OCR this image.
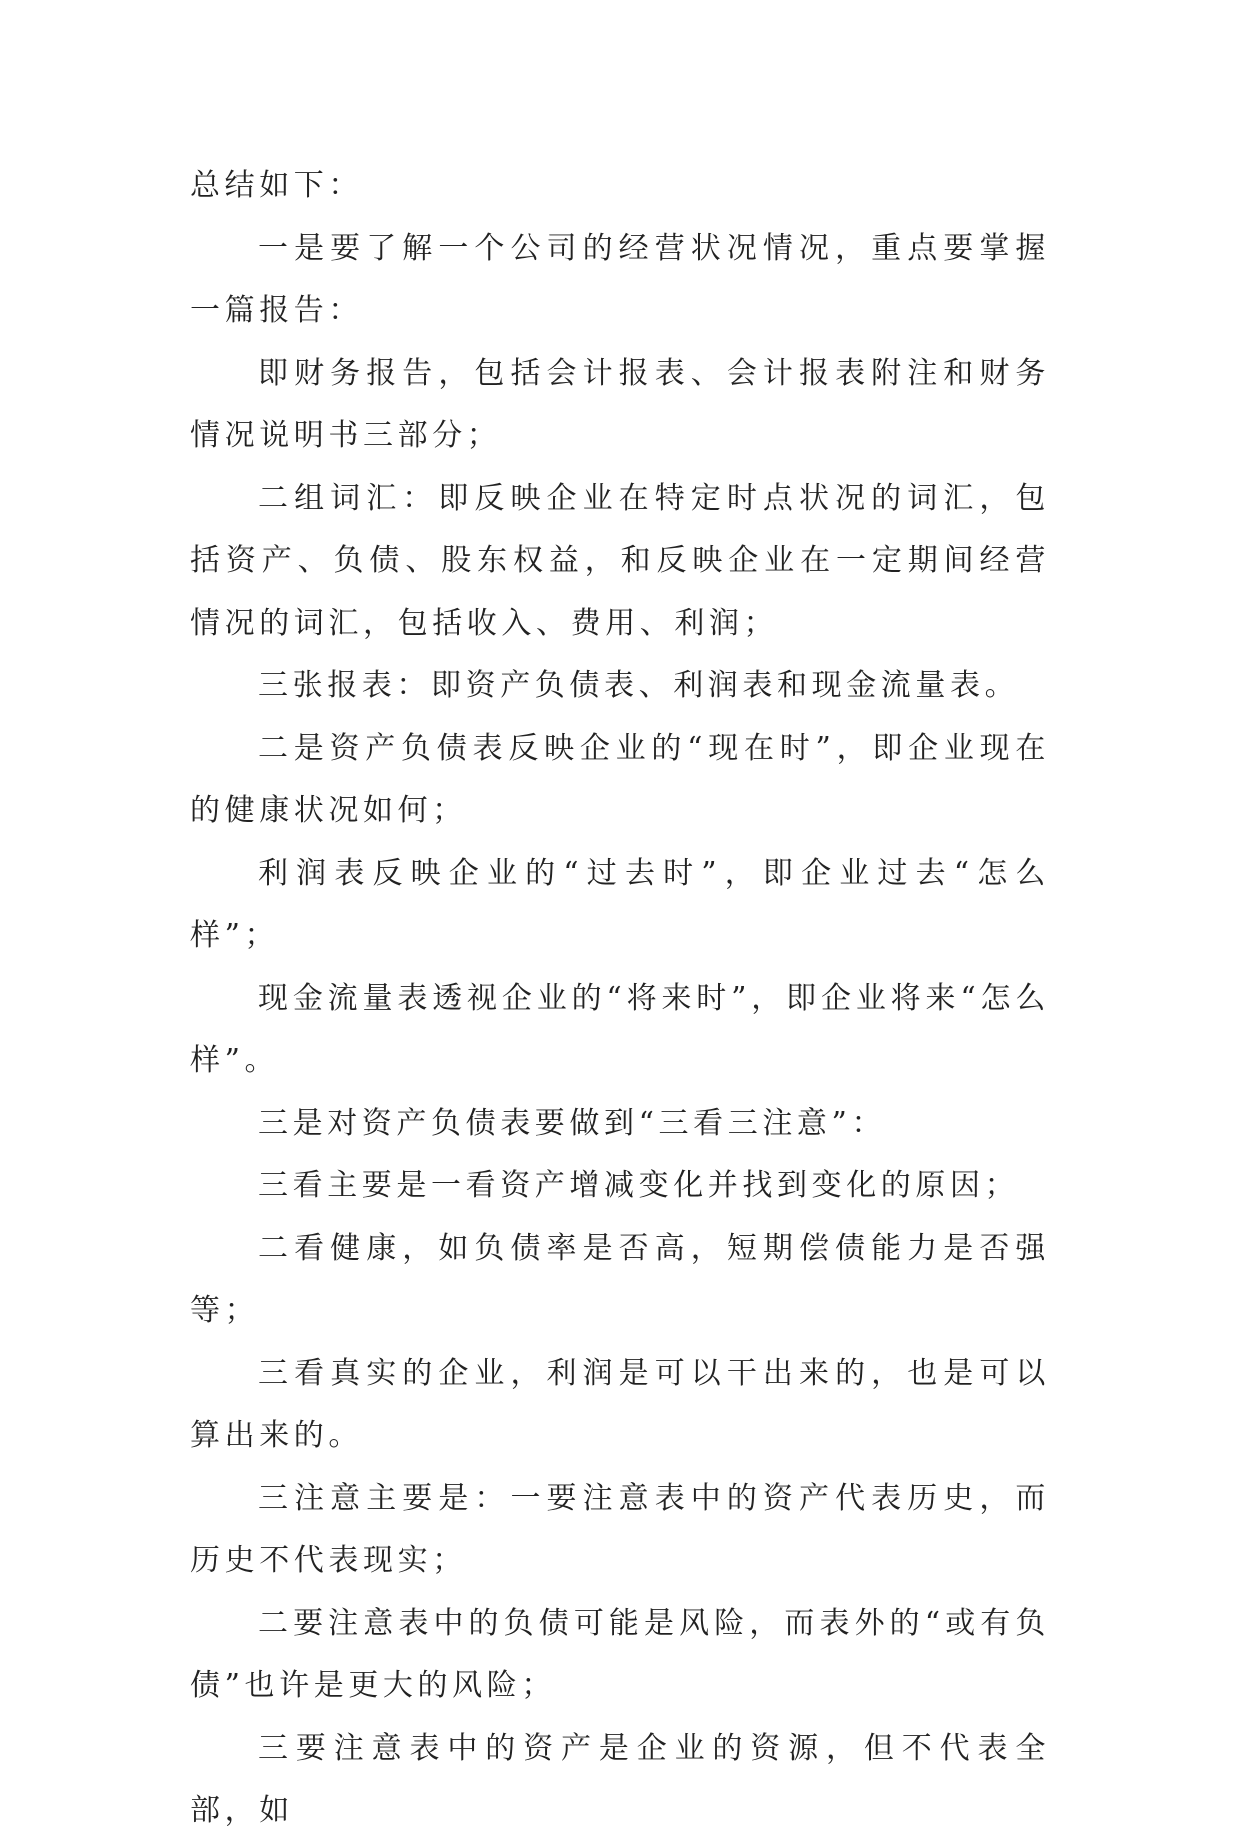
总结如下：

一是要了解一个公司的经营状况情况，重点要掌握一篇报告：

即财务报告，包括会计报表、会计报表附注和财务情况说明书三部分；

二组词汇：即反映企业在特定时点状况的词汇，包括资产、负债、股东权益，和反映企业在一定期间经营情况的词汇，包括收入、费用、利润；

三张报表：即资产负债表、利润表和现金流量表。

二是资产负债表反映企业的“现在时”，即企业现在的健康状况如何；

利润表反映企业的“过去时”，即企业过去“怎么样”；

现金流量表透视企业的“将来时”，即企业将来“怎么样”。

三是对资产负债表要做到“三看三注意”：

三看主要是一看资产增减变化并找到变化的原因；

二看健康，如负债率是否高，短期偿债能力是否强等；

三看真实的企业，利润是可以干出来的，也是可以算出来的。

三注意主要是：一要注意表中的资产代表历史，而历史不代表现实；

二要注意表中的负债可能是风险，而表外的“或有负债”也许是更大的风险；

三要注意表中的资产是企业的资源，但不代表全部，如
